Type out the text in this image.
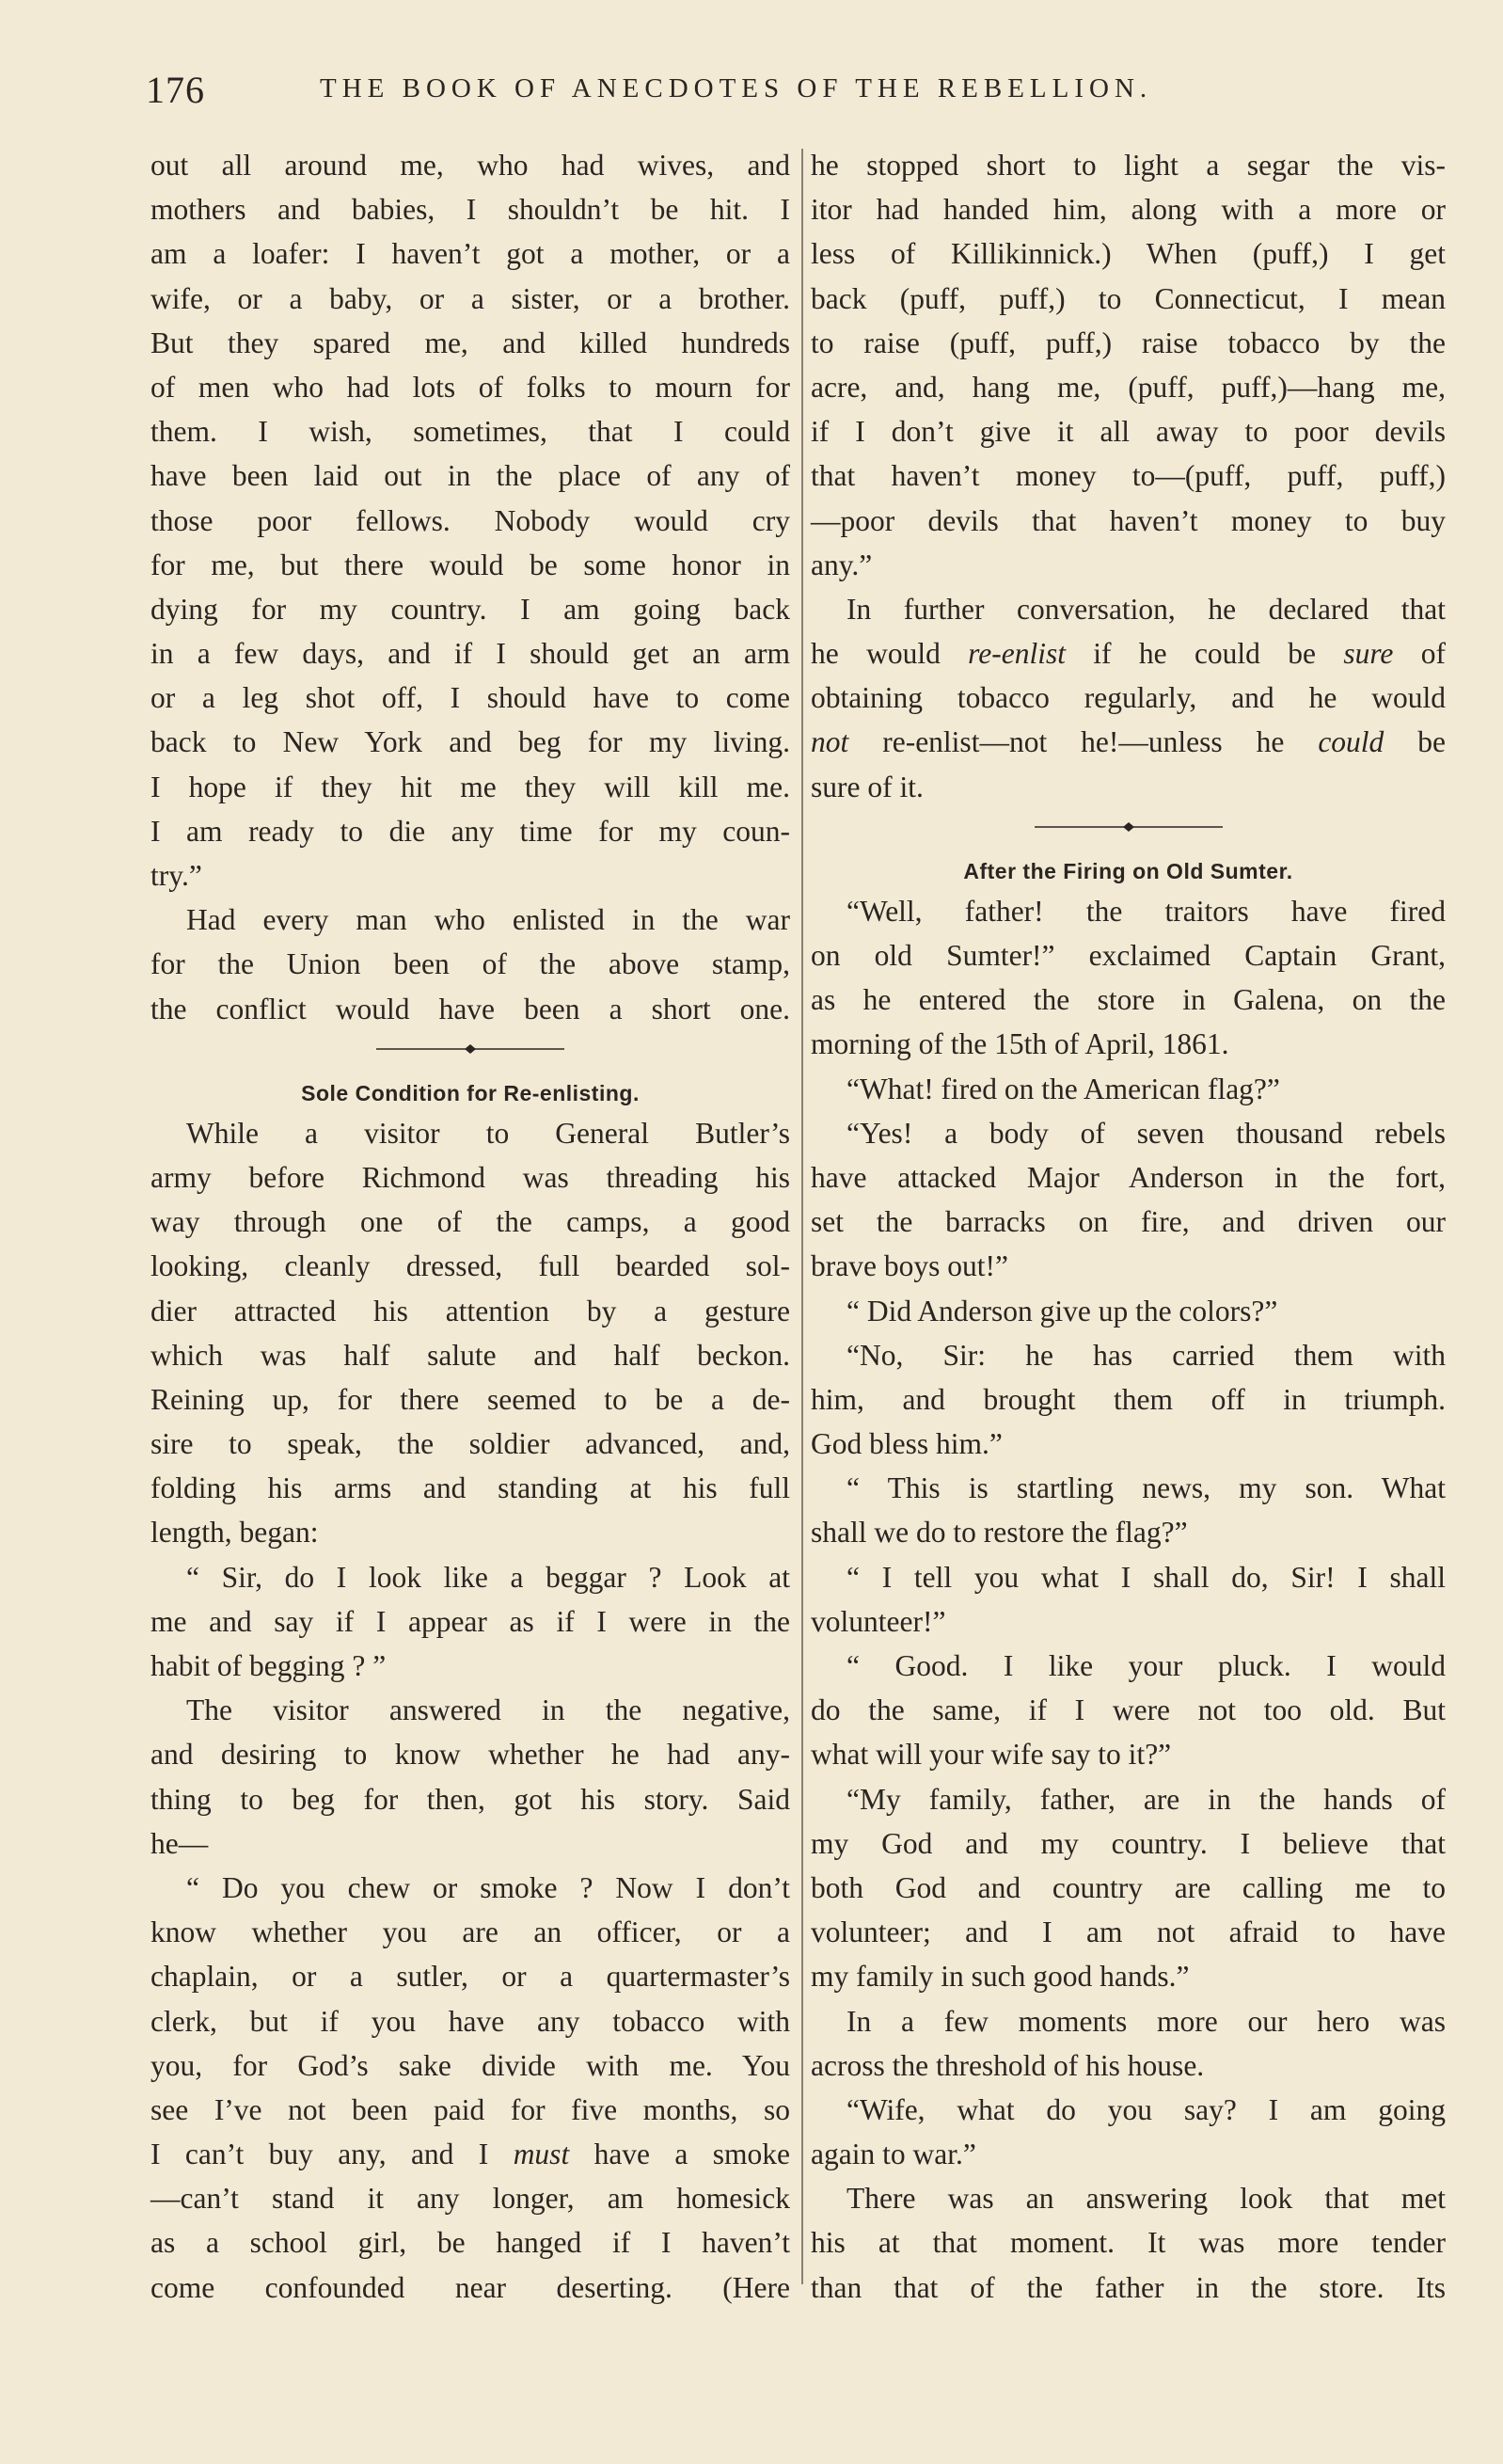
176	THE BOOK OF ANECDOTES OF THE REBELLION.
out all around me, who had wives, and
mothers and babies, I shouldn’t be hit. I
am a loafer: I haven’t got a mother, or a
wife, or a baby, or a sister, or a brother.
But they spared me, and killed hundreds
of men who had lots of folks to mourn for
them. I wish, sometimes, that I could
have been laid out in the place of any of
those poor fellows. Nobody would cry
for me, but there would be some honor in
dying for my country. I am going back
in a few days, and if I should get an arm
or a leg shot off, I should have to come
back to New York and beg for my living.
I hope if they hit me they will kill me.
I am ready to die any time for my coun-
try.”
Had every man who enlisted in the war
for the Union been of the above stamp,
the conflict would have been a short one.
Sole Condition for Re-enlisting.
While a visitor to General Butler’s
army before Richmond was threading his
way through one of the camps, a good
looking, cleanly dressed, full bearded sol-
dier attracted his attention by a gesture
which was half salute and half beckon.
Reining up, for there seemed to be a de-
sire to speak, the soldier advanced, and,
folding his arms and standing at his full
length, began:
“ Sir, do I look like a beggar ? Look at
me and say if I appear as if I were in the
habit of begging ? ”
The visitor answered in the negative,
and desiring to know whether he had any-
thing to beg for then, got his story. Said
he—
“ Do you chew or smoke ? Now I don’t
know whether you are an officer, or a
chaplain, or a sutler, or a quartermaster’s
clerk, but if you have any tobacco with
you, for God’s sake divide with me. You
see I’ve not been paid for five months, so
I can’t buy any, and I must have a smoke
—can’t stand it any longer, am homesick
as a school girl, be hanged if I haven’t
come confounded near deserting. (Here
he stopped short to light a segar the vis-
itor had handed him, along with a more or
less of Killikinnick.) When (puff,) I get
back (puff, puff,) to Connecticut, I mean
to raise (puff, puff,) raise tobacco by the
acre, and, hang me, (puff, puff,)—hang me,
if I don’t give it all away to poor devils
that haven’t money to—(puff, puff, puff,)
—poor devils that haven’t money to buy
any.”
In further conversation, he declared that
he would re-enlist if he could be sure of
obtaining tobacco regularly, and he would
not re-enlist—not he!—unless he could be
sure of it.
After the Firing on Old Sumter.
“Well, father! the traitors have fired
on old Sumter!” exclaimed Captain Grant,
as he entered the store in Galena, on the
morning of the 15th of April, 1861.
“What! fired on the American flag?”
“Yes! a body of seven thousand rebels
have attacked Major Anderson in the fort,
set the barracks on fire, and driven our
brave boys out!”
“ Did Anderson give up the colors?”
“No, Sir: he has carried them with
him, and brought them off in triumph.
God bless him.”
“ This is startling news, my son. What
shall we do to restore the flag?”
“ I tell you what I shall do, Sir! I shall
volunteer!”
“ Good. I like your pluck. I would
do the same, if I were not too old. But
what will your wife say to it?”
“My family, father, are in the hands of
my God and my country. I believe that
both God and country are calling me to
volunteer; and I am not afraid to have
my family in such good hands.”
In a few moments more our hero was
across the threshold of his house.
“Wife, what do you say? I am going
again to war.”
There was an answering look that met
his at that moment. It was more tender
than that of the father in the store. Its
